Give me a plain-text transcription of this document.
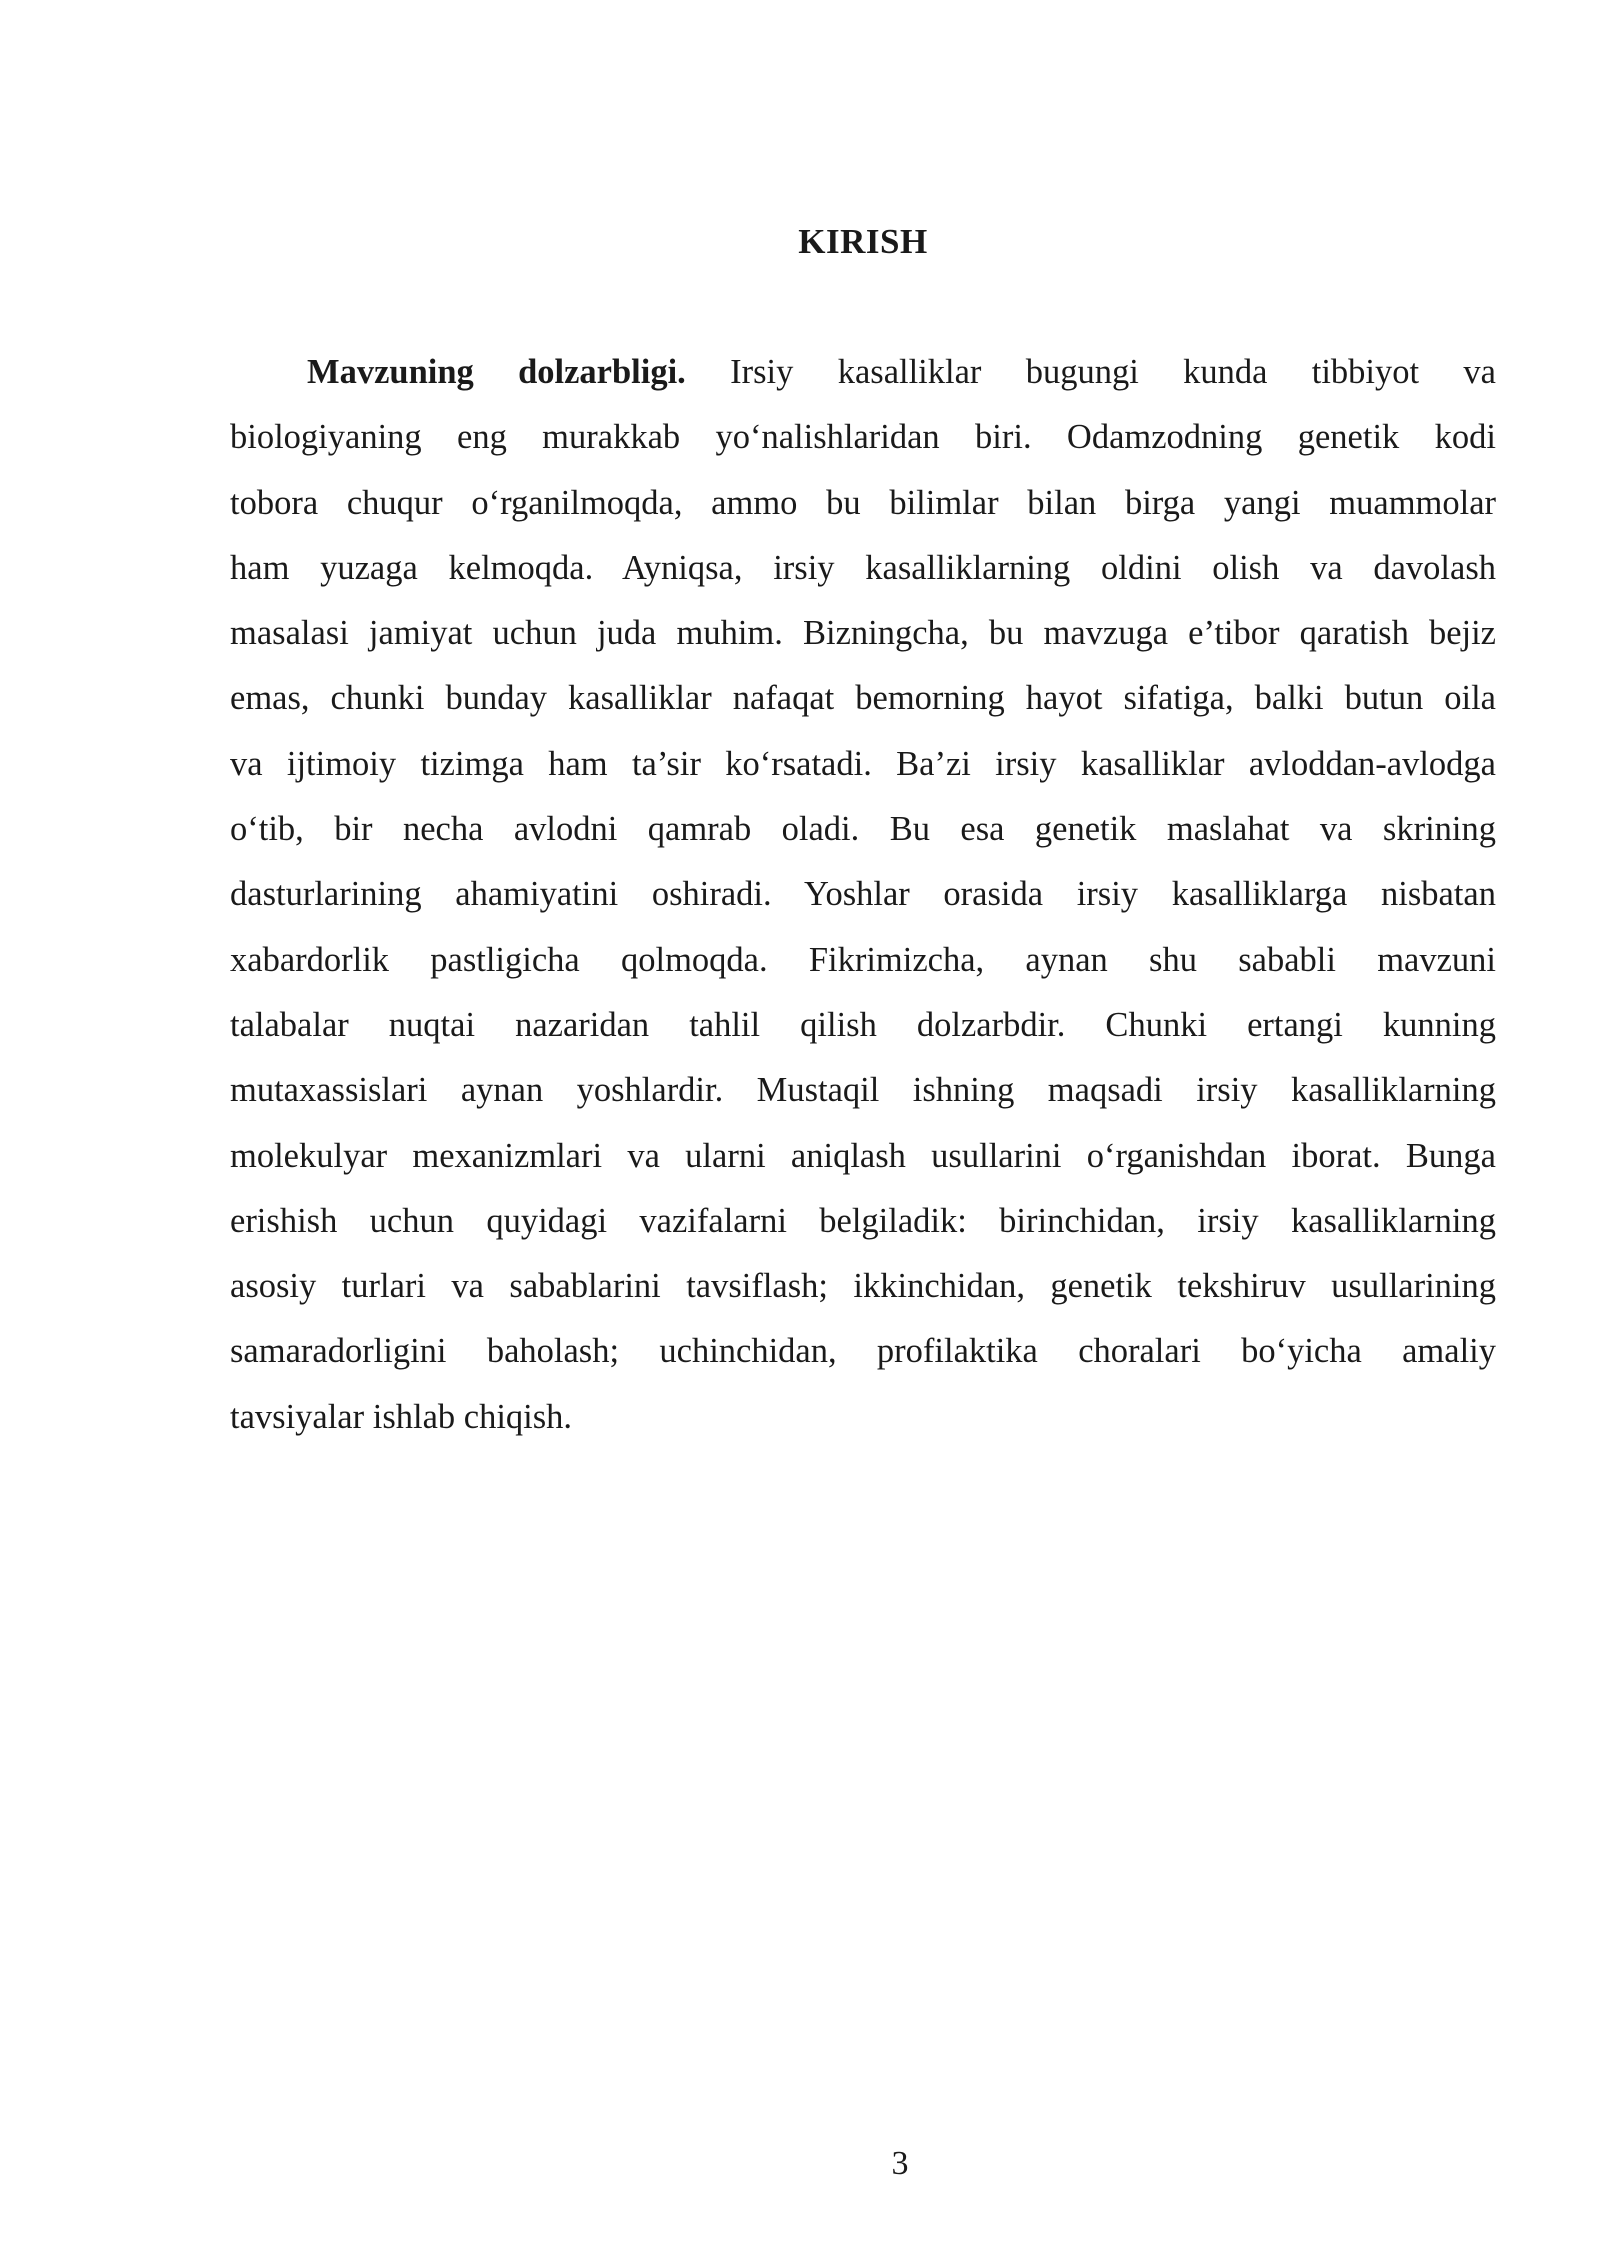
KIRISH
Mavzuning dolzarbligi. Irsiy kasalliklar bugungi kunda tibbiyot va
biologiyaning eng murakkab yo‘nalishlaridan biri. Odamzodning genetik kodi
tobora chuqur o‘rganilmoqda, ammo bu bilimlar bilan birga yangi muammolar
ham yuzaga kelmoqda. Ayniqsa, irsiy kasalliklarning oldini olish va davolash
masalasi jamiyat uchun juda muhim. Bizningcha, bu mavzuga e’tibor qaratish bejiz
emas, chunki bunday kasalliklar nafaqat bemorning hayot sifatiga, balki butun oila
va ijtimoiy tizimga ham ta’sir ko‘rsatadi. Ba’zi irsiy kasalliklar avloddan-avlodga
o‘tib, bir necha avlodni qamrab oladi. Bu esa genetik maslahat va skrining
dasturlarining ahamiyatini oshiradi. Yoshlar orasida irsiy kasalliklarga nisbatan
xabardorlik pastligicha qolmoqda. Fikrimizcha, aynan shu sababli mavzuni
talabalar nuqtai nazaridan tahlil qilish dolzarbdir. Chunki ertangi kunning
mutaxassislari aynan yoshlardir. Mustaqil ishning maqsadi irsiy kasalliklarning
molekulyar mexanizmlari va ularni aniqlash usullarini o‘rganishdan iborat. Bunga
erishish uchun quyidagi vazifalarni belgiladik: birinchidan, irsiy kasalliklarning
asosiy turlari va sabablarini tavsiflash; ikkinchidan, genetik tekshiruv usullarining
samaradorligini baholash; uchinchidan, profilaktika choralari bo‘yicha amaliy
tavsiyalar ishlab chiqish.
3
